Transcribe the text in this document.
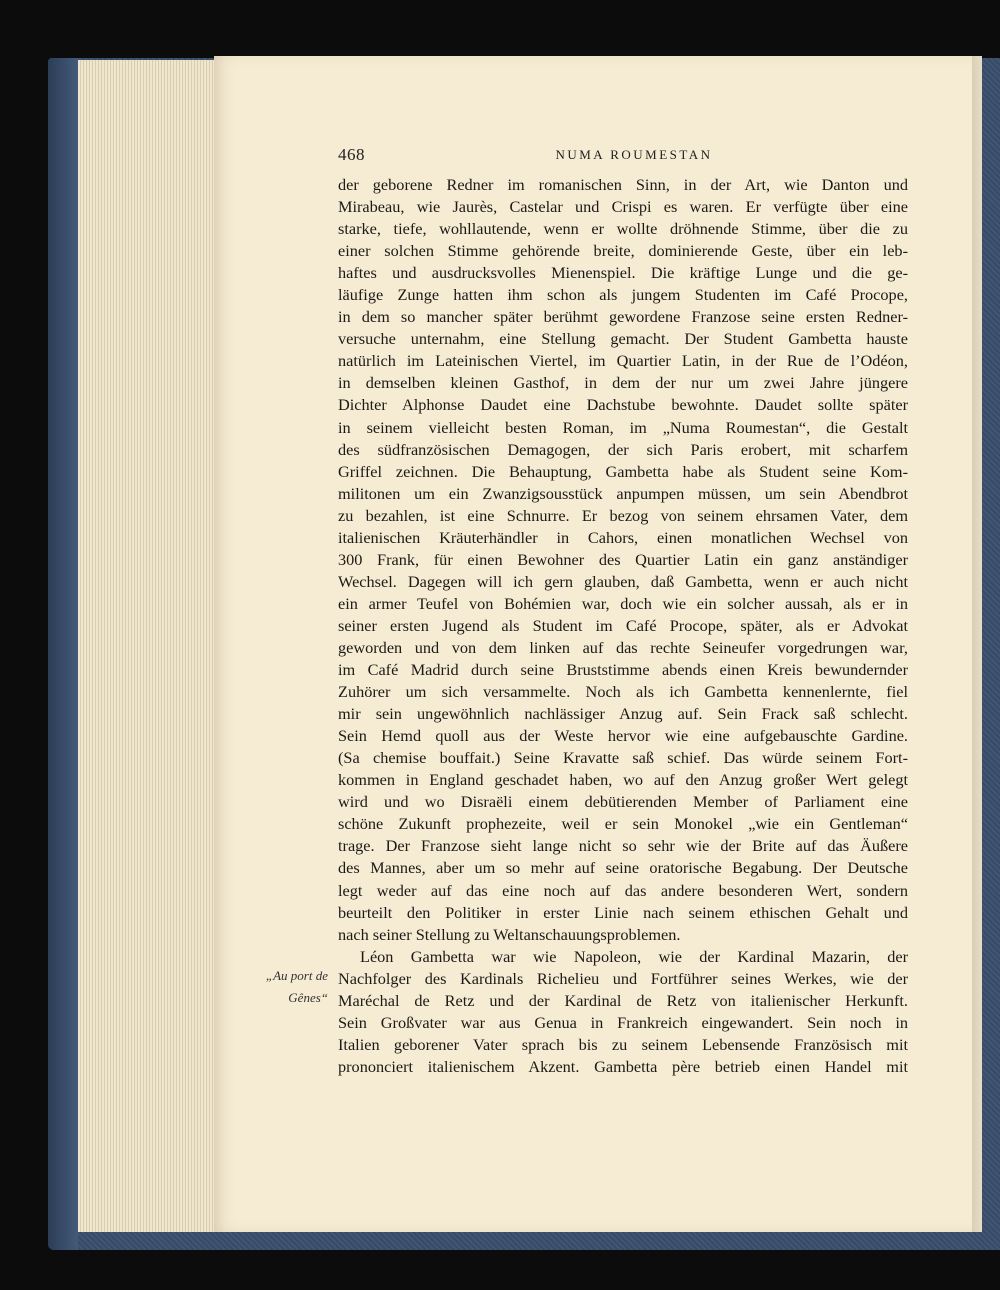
468	NUMA ROUMESTAN
„Au port de
Gênes“
der geborene Redner im romanischen Sinn, in der Art, wie Danton und
Mirabeau, wie Jaurès, Castelar und Crispi es waren. Er verfügte über eine
starke, tiefe, wohllautende, wenn er wollte dröhnende Stimme, über die zu
einer solchen Stimme gehörende breite, dominierende Geste, über ein leb-
haftes und ausdrucksvolles Mienenspiel. Die kräftige Lunge und die ge-
läufige Zunge hatten ihm schon als jungem Studenten im Café Procope,
in dem so mancher später berühmt gewordene Franzose seine ersten Redner-
versuche unternahm, eine Stellung gemacht. Der Student Gambetta hauste
natürlich im Lateinischen Viertel, im Quartier Latin, in der Rue de l’Odéon,
in demselben kleinen Gasthof, in dem der nur um zwei Jahre jüngere
Dichter Alphonse Daudet eine Dachstube bewohnte. Daudet sollte später
in seinem vielleicht besten Roman, im „Numa Roumestan“, die Gestalt
des südfranzösischen Demagogen, der sich Paris erobert, mit scharfem
Griffel zeichnen. Die Behauptung, Gambetta habe als Student seine Kom-
militonen um ein Zwanzigsousstück anpumpen müssen, um sein Abendbrot
zu bezahlen, ist eine Schnurre. Er bezog von seinem ehrsamen Vater, dem
italienischen Kräuterhändler in Cahors, einen monatlichen Wechsel von
300 Frank, für einen Bewohner des Quartier Latin ein ganz anständiger
Wechsel. Dagegen will ich gern glauben, daß Gambetta, wenn er auch nicht
ein armer Teufel von Bohémien war, doch wie ein solcher aussah, als er in
seiner ersten Jugend als Student im Café Procope, später, als er Advokat
geworden und von dem linken auf das rechte Seineufer vorgedrungen war,
im Café Madrid durch seine Bruststimme abends einen Kreis bewundernder
Zuhörer um sich versammelte. Noch als ich Gambetta kennenlernte, fiel
mir sein ungewöhnlich nachlässiger Anzug auf. Sein Frack saß schlecht.
Sein Hemd quoll aus der Weste hervor wie eine aufgebauschte Gardine.
(Sa chemise bouffait.) Seine Kravatte saß schief. Das würde seinem Fort-
kommen in England geschadet haben, wo auf den Anzug großer Wert gelegt
wird und wo Disraëli einem debütierenden Member of Parliament eine
schöne Zukunft prophezeite, weil er sein Monokel „wie ein Gentleman“
trage. Der Franzose sieht lange nicht so sehr wie der Brite auf das Äußere
des Mannes, aber um so mehr auf seine oratorische Begabung. Der Deutsche
legt weder auf das eine noch auf das andere besonderen Wert, sondern
beurteilt den Politiker in erster Linie nach seinem ethischen Gehalt und
nach seiner Stellung zu Weltanschauungsproblemen.
Léon Gambetta war wie Napoleon, wie der Kardinal Mazarin, der
Nachfolger des Kardinals Richelieu und Fortführer seines Werkes, wie der
Maréchal de Retz und der Kardinal de Retz von italienischer Herkunft.
Sein Großvater war aus Genua in Frankreich eingewandert. Sein noch in
Italien geborener Vater sprach bis zu seinem Lebensende Französisch mit
prononciert italienischem Akzent. Gambetta père betrieb einen Handel mit
